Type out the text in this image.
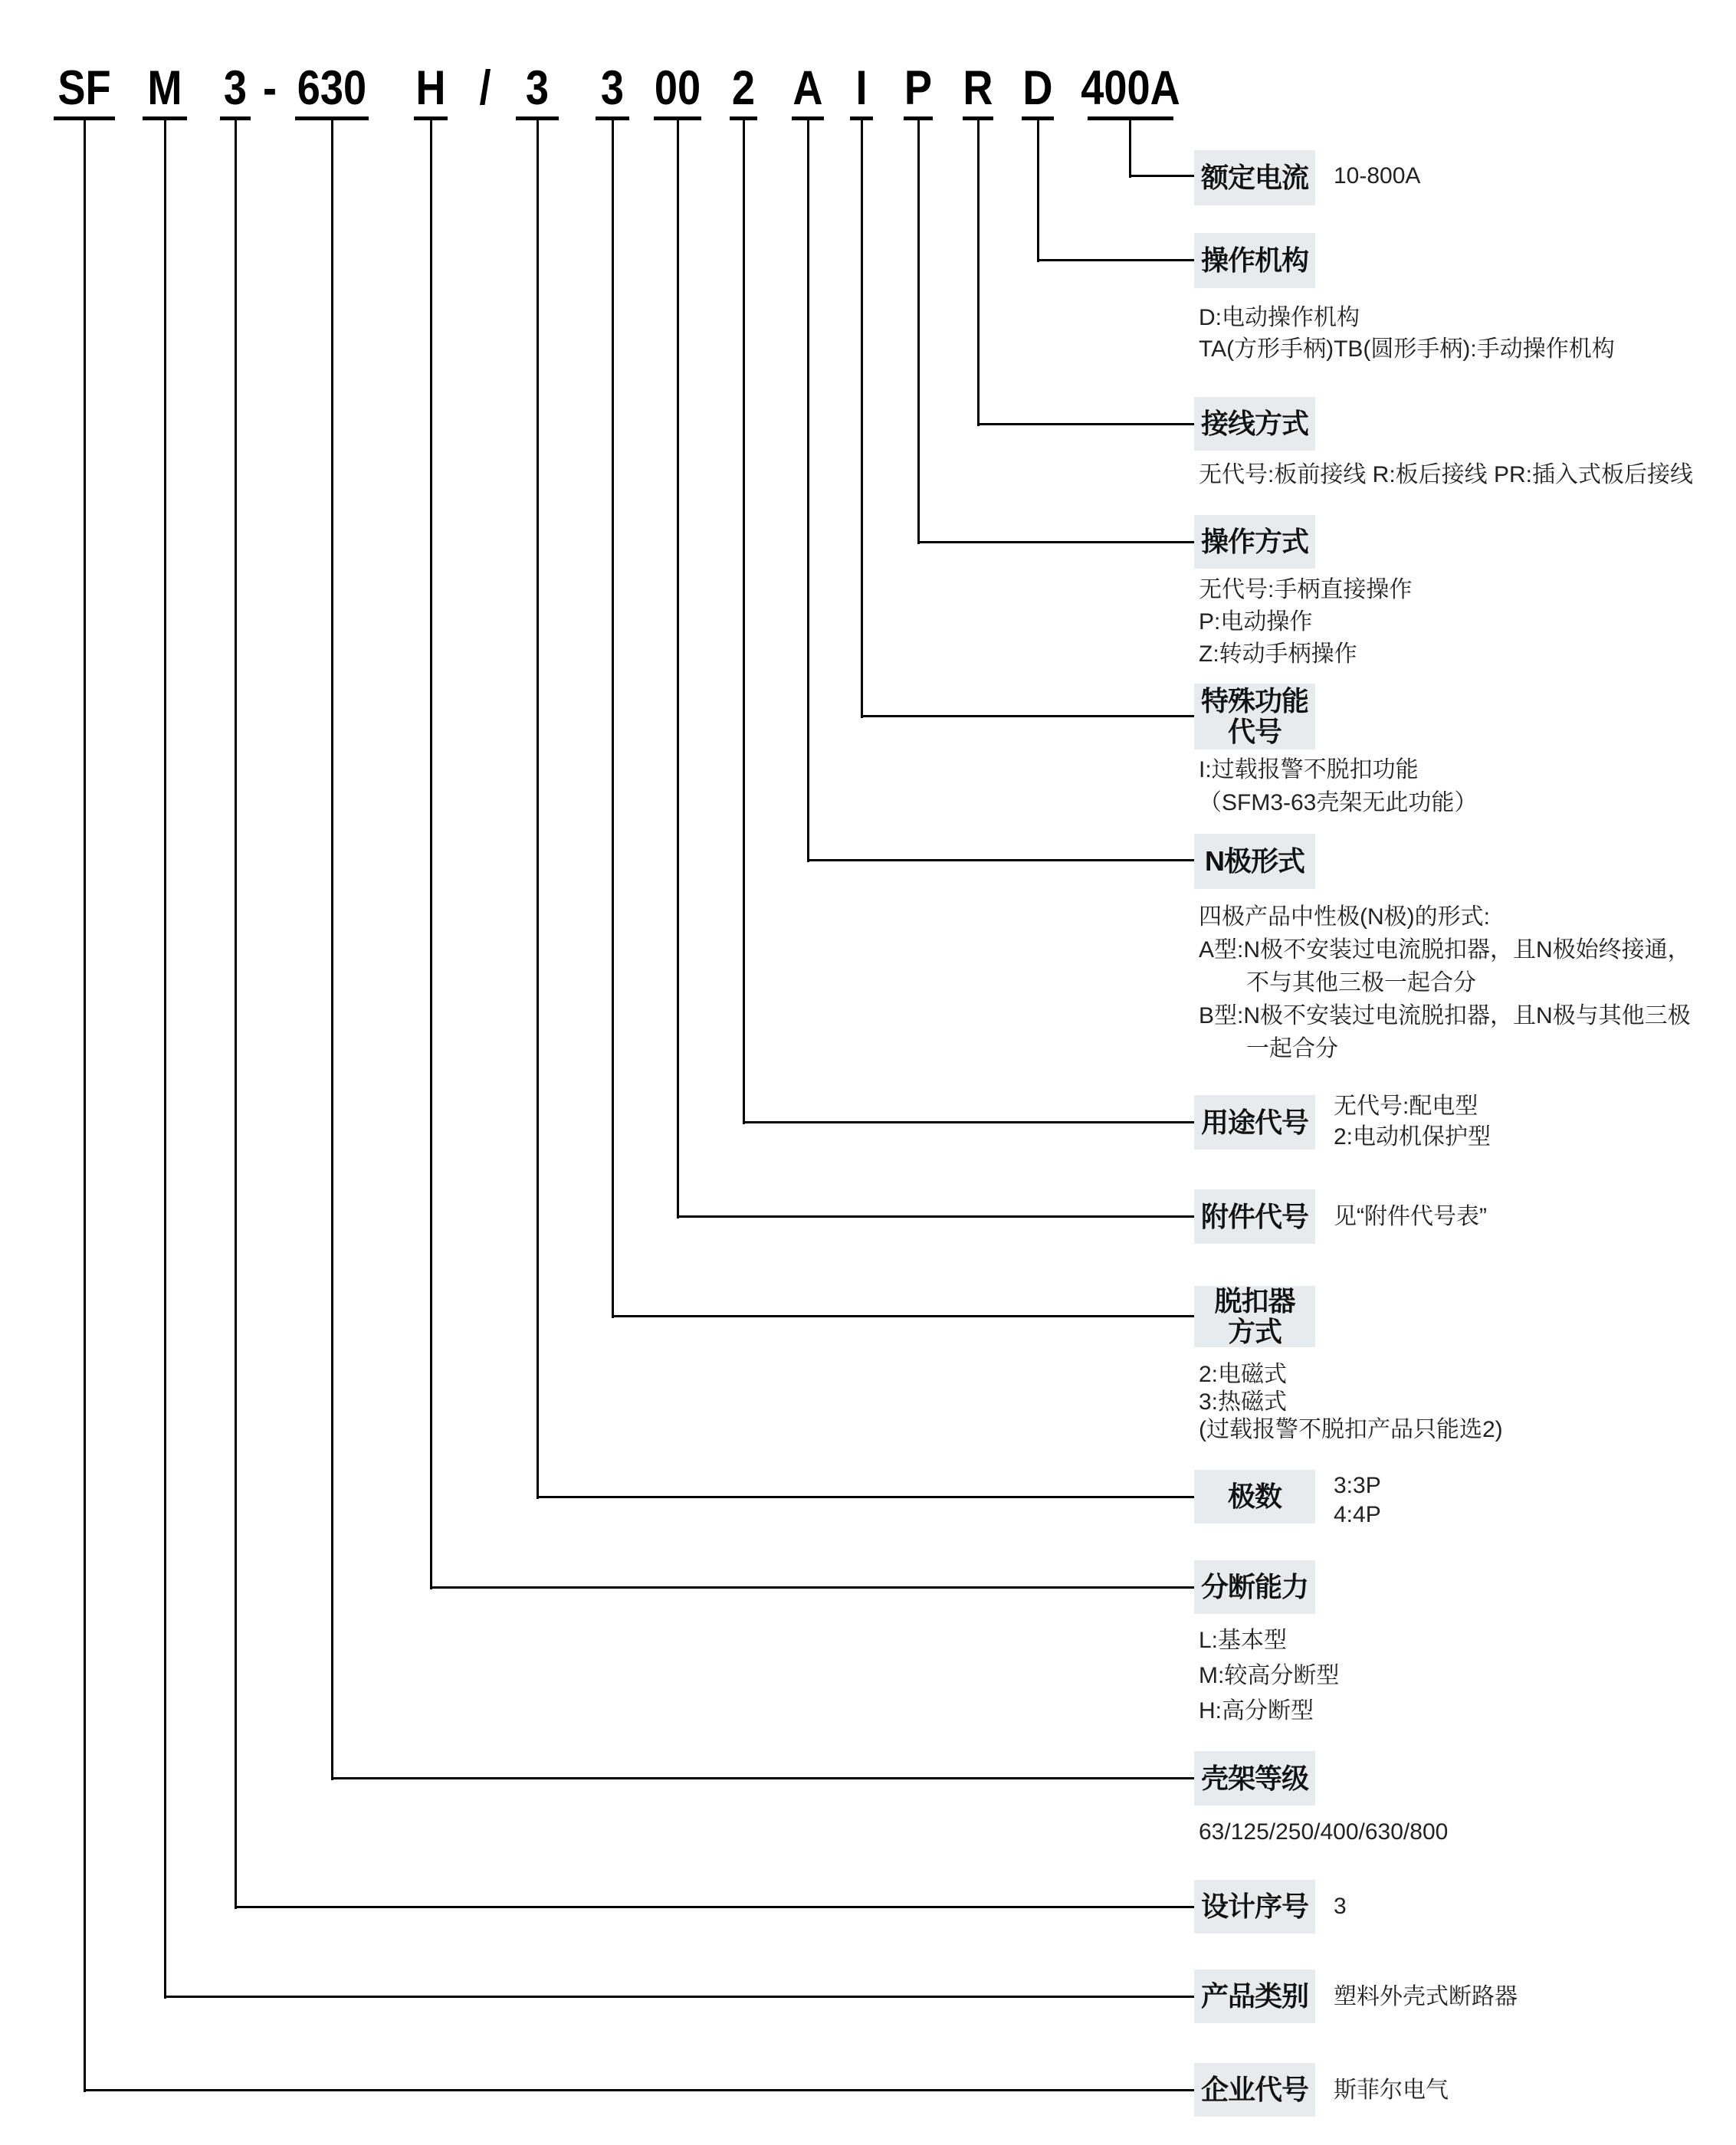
SF M 3 - 630 H / 3 3 00 2 A I P R D 400A
额定电流 10-800A
操作机构
D:电动操作机构
TA(方形手柄)TB(圆形手柄):手动操作机构
接线方式
无代号:板前接线 R:板后接线 PR:插入式板后接线
操作方式
无代号:手柄直接操作
P:电动操作
Z:转动手柄操作
特殊功能
代号
I:过载报警不脱扣功能
（SFM3-63壳架无此功能）
N极形式
四极产品中性极(N极)的形式:
A型:N极不安装过电流脱扣器，且N极始终接通，
不与其他三极一起合分
B型:N极不安装过电流脱扣器，且N极与其他三极
一起合分
用途代号 无代号:配电型
2:电动机保护型
附件代号 见“附件代号表”
脱扣器
方式
2:电磁式
3:热磁式
(过载报警不脱扣产品只能选2)
极数 3:3P
4:4P
分断能力
L:基本型
M:较高分断型
H:高分断型
壳架等级
63/125/250/400/630/800
设计序号 3
产品类别 塑料外壳式断路器
企业代号 斯菲尔电气
